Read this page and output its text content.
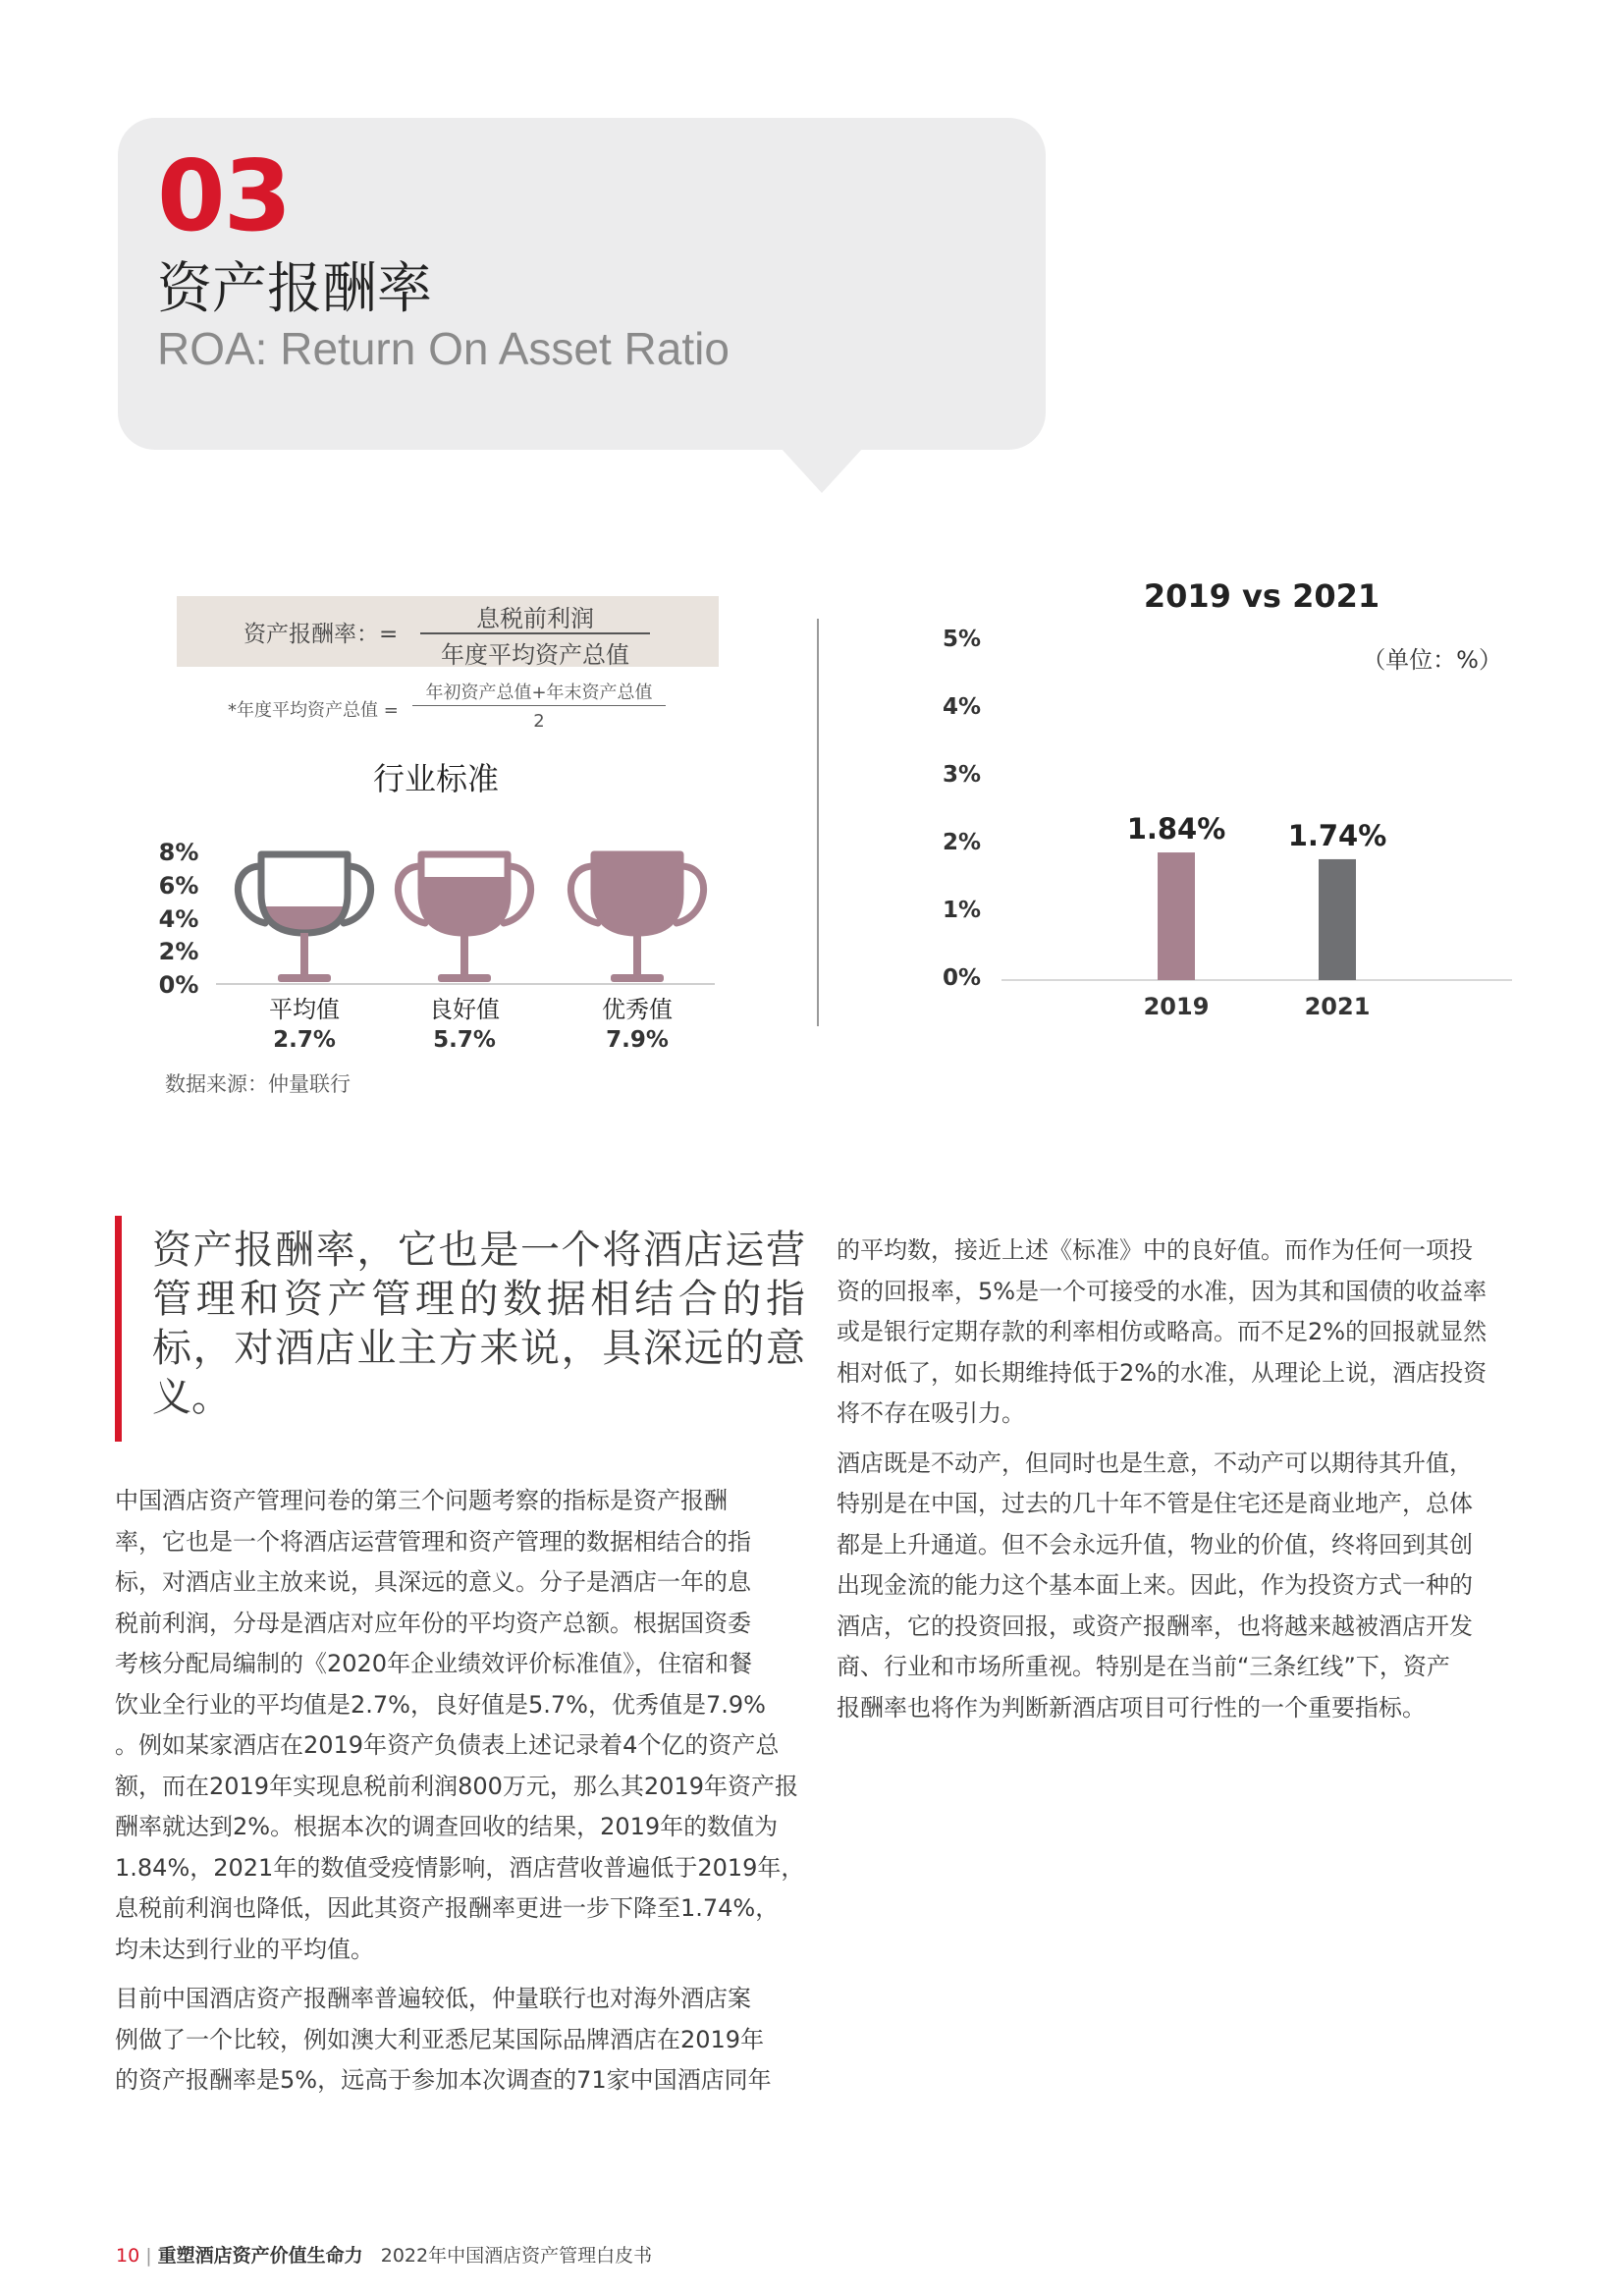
03
资产报酬率
ROA: Return On Asset Ratio
资产报酬率：=
息税前利润
年度平均资产总值
*年度平均资产总值 =
年初资产总值+年末资产总值
2
行业标准
0%
2%
4%
6%
8%
平均值
2.7%
良好值
5.7%
优秀值
7.9%
2019 vs 2021
（单位：%）
0%
1%
2%
3%
4%
5%
1.84%
2019
1.74%
2021
数据来源：仲量联行
资产报酬率，它也是一个将酒店运营管理和资产管理的数据相结合的指标，对酒店业主方来说，具深远的意义。
中国酒店资产管理问卷的第三个问题考察的指标是资产报酬
率，它也是一个将酒店运营管理和资产管理的数据相结合的指
标，对酒店业主放来说，具深远的意义。分子是酒店一年的息
税前利润，分母是酒店对应年份的平均资产总额。根据国资委
考核分配局编制的《2020年企业绩效评价标准值》，住宿和餐
饮业全行业的平均值是2.7%，良好值是5.7%，优秀值是7.9%
。例如某家酒店在2019年资产负债表上述记录着4个亿的资产总
额，而在2019年实现息税前利润800万元，那么其2019年资产报
酬率就达到2%。根据本次的调查回收的结果，2019年的数值为
1.84%，2021年的数值受疫情影响，酒店营收普遍低于2019年，
息税前利润也降低，因此其资产报酬率更进一步下降至1.74%，
均未达到行业的平均值。
目前中国酒店资产报酬率普遍较低，仲量联行也对海外酒店案
例做了一个比较，例如澳大利亚悉尼某国际品牌酒店在2019年
的资产报酬率是5%，远高于参加本次调查的71家中国酒店同年
的平均数，接近上述《标准》中的良好值。而作为任何一项投
资的回报率，5%是一个可接受的水准，因为其和国债的收益率
或是银行定期存款的利率相仿或略高。而不足2%的回报就显然
相对低了，如长期维持低于2%的水准，从理论上说，酒店投资
将不存在吸引力。
酒店既是不动产，但同时也是生意，不动产可以期待其升值，
特别是在中国，过去的几十年不管是住宅还是商业地产，总体
都是上升通道。但不会永远升值，物业的价值，终将回到其创
出现金流的能力这个基本面上来。因此，作为投资方式一种的
酒店，它的投资回报，或资产报酬率，也将越来越被酒店开发
商、行业和市场所重视。特别是在当前“三条红线”下，资产
报酬率也将作为判断新酒店项目可行性的一个重要指标。
10 | 重塑酒店资产价值生命力 2022年中国酒店资产管理白皮书
